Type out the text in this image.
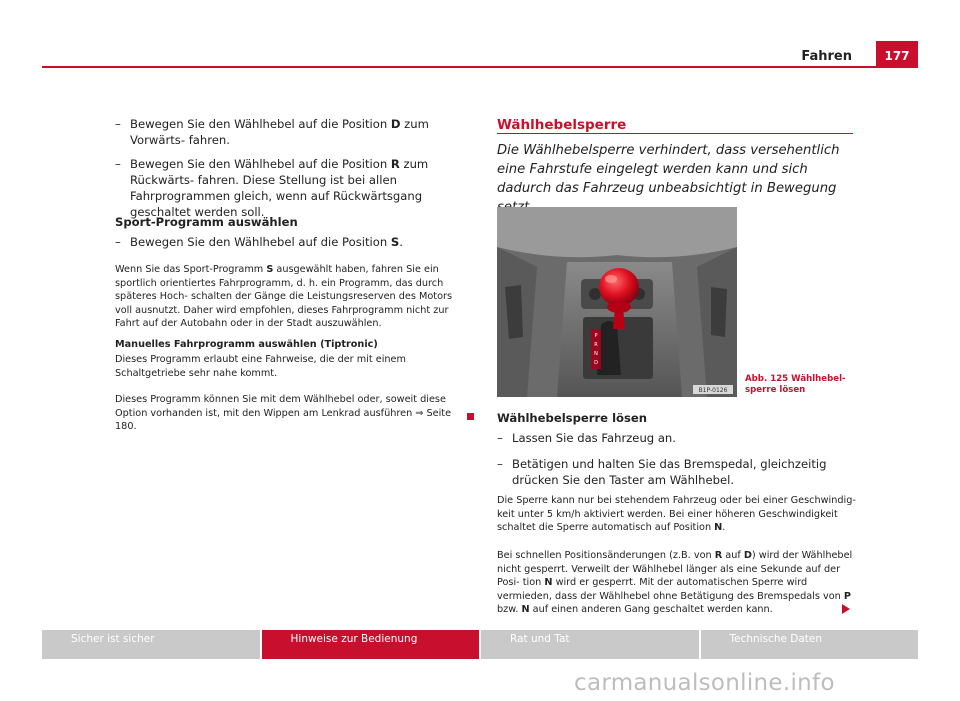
Fahren	177
– Bewegen Sie den Wählhebel auf die Position D zum Vorwärts- fahren.
– Bewegen Sie den Wählhebel auf die Position R zum Rückwärts- fahren. Diese Stellung ist bei allen Fahrprogrammen gleich, wenn auf Rückwärtsgang geschaltet werden soll.
Sport-Programm auswählen
– Bewegen Sie den Wählhebel auf die Position S.
Wenn Sie das Sport-Programm S ausgewählt haben, fahren Sie ein sportlich orientiertes Fahrprogramm, d. h. ein Programm, das durch späteres Hoch- schalten der Gänge die Leistungsreserven des Motors voll ausnutzt. Daher wird empfohlen, dieses Fahrprogramm nicht zur Fahrt auf der Autobahn oder in der Stadt auszuwählen.
Manuelles Fahrprogramm auswählen (Tiptronic)
Dieses Programm erlaubt eine Fahrweise, die der mit einem Schaltgetriebe sehr nahe kommt.
Dieses Programm können Sie mit dem Wählhebel oder, soweit diese Option vorhanden ist, mit den Wippen am Lenkrad ausführen ⇒ Seite 180.
Wählhebelsperre
Die Wählhebelsperre verhindert, dass versehentlich eine Fahrstufe eingelegt werden kann und sich dadurch das Fahrzeug unbeabsichtigt in Bewegung
P
R
N
D
B1P-0126
Abb. 125 Wählhebel- sperre lösen
Wählhebelsperre lösen
– Lassen Sie das Fahrzeug an.
– Betätigen und halten Sie das Bremspedal, gleichzeitig drücken Sie den Taster am Wählhebel.
Die Sperre kann nur bei stehendem Fahrzeug oder bei einer Geschwindig- keit unter 5 km/h aktiviert werden. Bei einer höheren Geschwindigkeit schaltet die Sperre automatisch auf Position N.
Bei schnellen Positionsänderungen (z.B. von R auf D) wird der Wählhebel nicht gesperrt. Verweilt der Wählhebel länger als eine Sekunde auf der Posi- tion N wird er gesperrt. Mit der automatischen Sperre wird vermieden, dass der Wählhebel ohne Betätigung des Bremspedals von P bzw. N auf einen anderen Gang geschaltet werden kann.
Sicher ist sicher	Hinweise zur Bedienung	Rat und Tat	Technische Daten
carmanualsonline.info
